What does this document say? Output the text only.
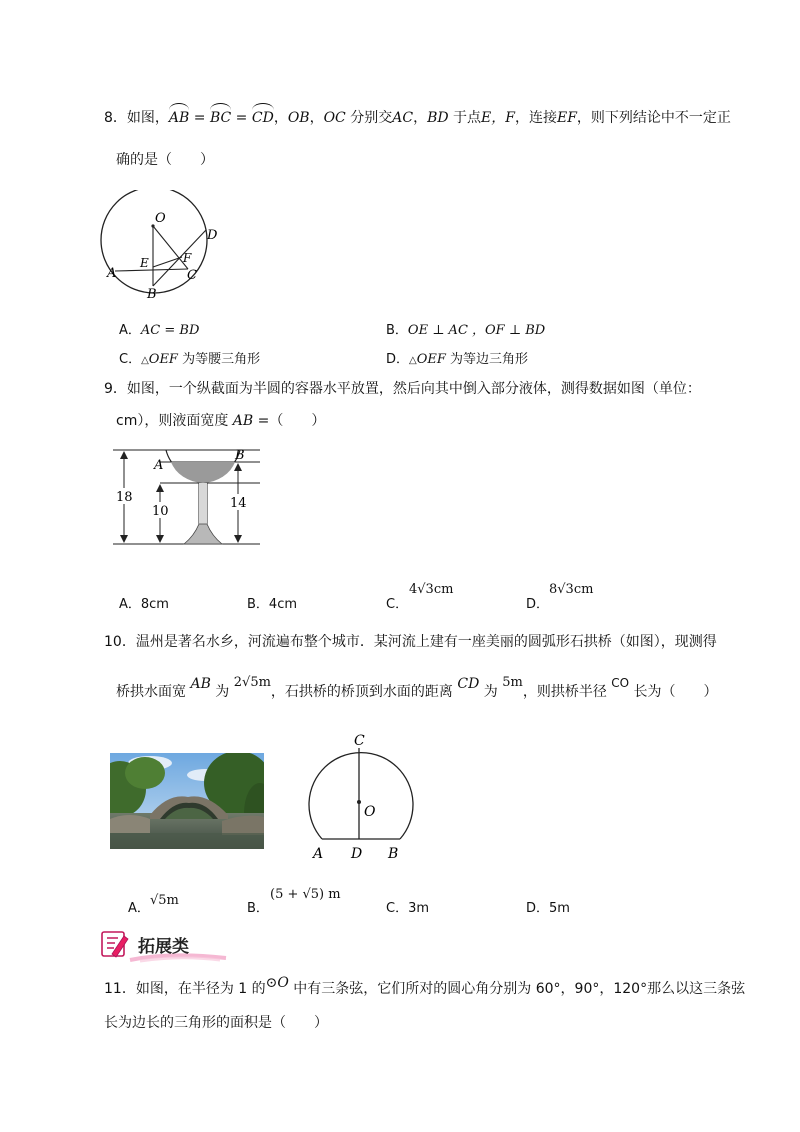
8．如图，AB = BC = CD，OB，OC 分别交AC，BD 于点E，F，连接EF，则下列结论中不一定正
确的是（　　）
O
A
B
C
D
E	F
A．AC = BD	B．OE ⊥ AC ，OF ⊥ BD
C．△OEF 为等腰三角形	D．△OEF 为等边三角形
9．如图，一个纵截面为半圆的容器水平放置，然后向其中倒入部分液体，测得数据如图（单位：
cm），则液面宽度 AB =（　　）
18
10
14
A
B
A．8cm	B．4cm	C．
4√3cm
D．
8√3cm
10．温州是著名水乡，河流遍布整个城市．某河流上建有一座美丽的圆弧形石拱桥（如图），现测得
桥拱水面宽 AB 为 2√5m，石拱桥的桥顶到水面的距离 CD 为 5m，则拱桥半径 CO 长为（　　）
C
O
A D B
A．
√5m
B．
(5 + √5) m
C．3m	D．5m
拓展类
11．如图，在半径为 1 的⊙O 中有三条弦，它们所对的圆心角分别为 60°，90°，120°那么以这三条弦
长为边长的三角形的面积是（　　）
